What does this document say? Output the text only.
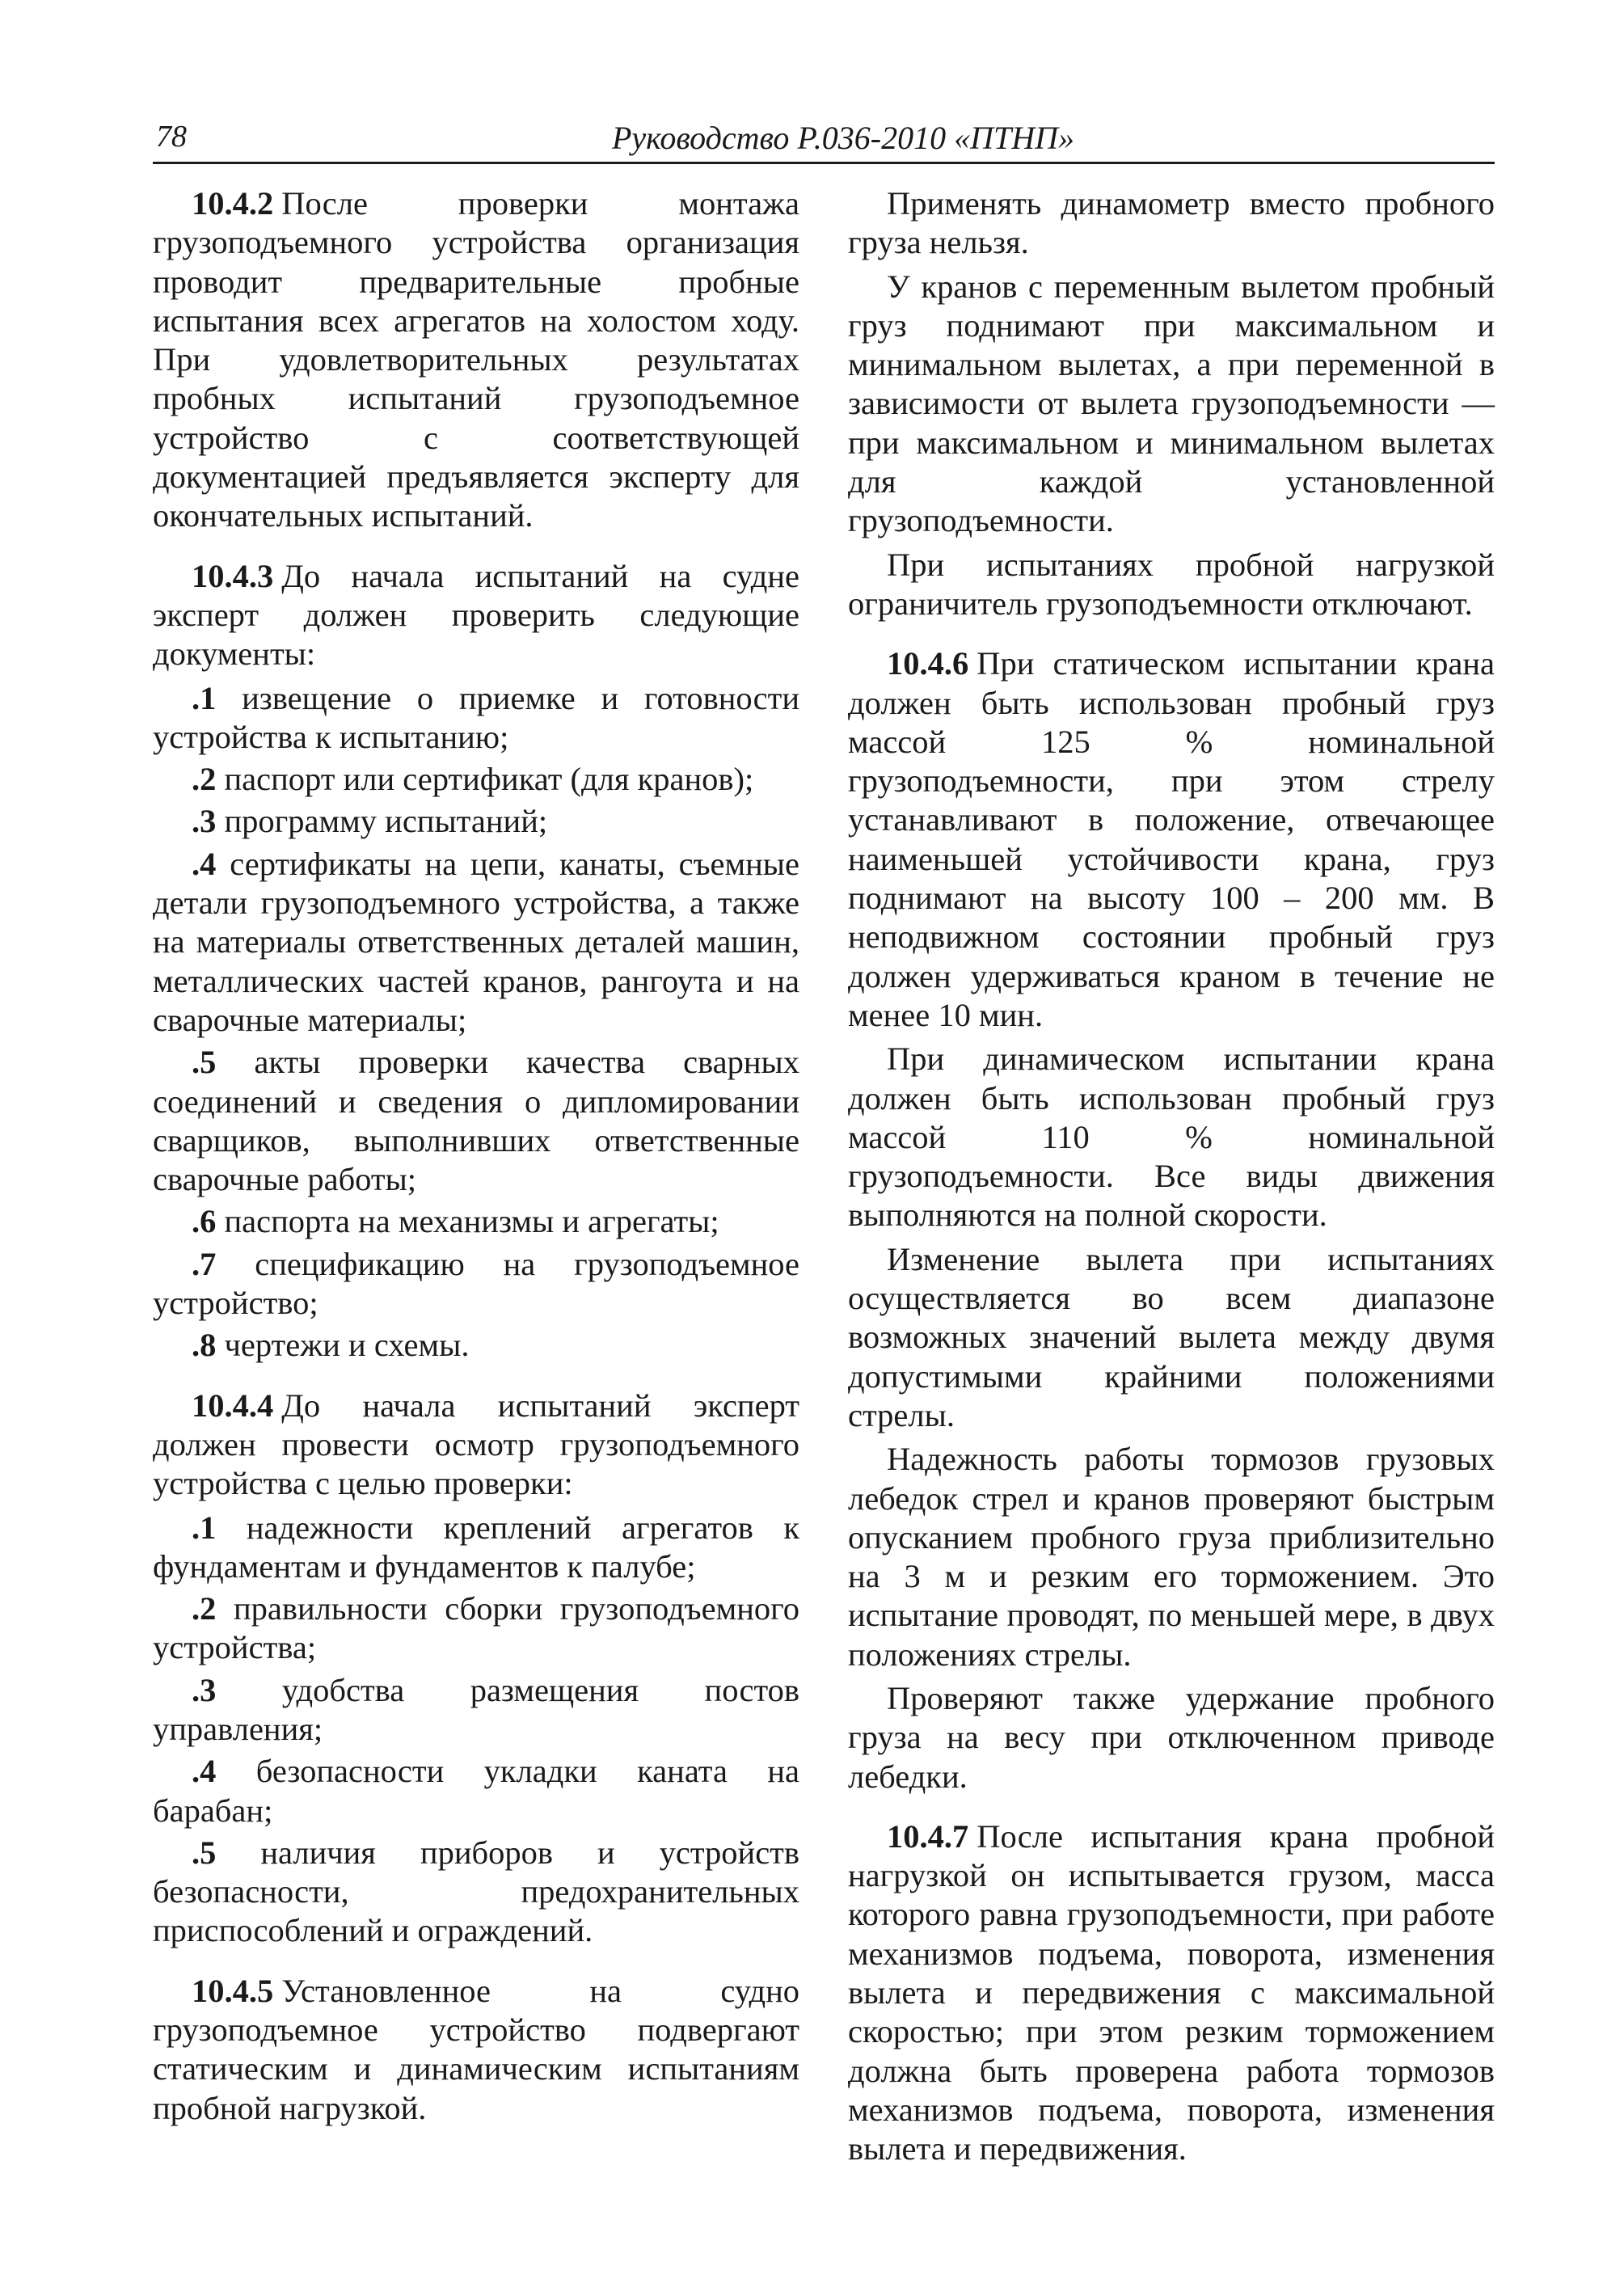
78	Руководство Р.036-2010 «ПТНП»

10.4.2 После проверки монтажа грузоподъемного устройства организация проводит предварительные пробные испытания всех агрегатов на холостом ходу. При удовлетворительных результатах пробных испытаний грузоподъемное устройство с соответствующей документацией предъявляется эксперту для окончательных испытаний.

10.4.3 До начала испытаний на судне эксперт должен проверить следующие документы:

.1 извещение о приемке и готовности устройства к испытанию;

.2 паспорт или сертификат (для кранов);

.3 программу испытаний;

.4 сертификаты на цепи, канаты, съемные детали грузоподъемного устройства, а также на материалы ответственных деталей машин, металлических частей кранов, рангоута и на сварочные материалы;

.5 акты проверки качества сварных соединений и сведения о дипломировании сварщиков, выполнивших ответственные сварочные работы;

.6 паспорта на механизмы и агрегаты;

.7 спецификацию на грузоподъемное устройство;

.8 чертежи и схемы.

10.4.4 До начала испытаний эксперт должен провести осмотр грузоподъемного устройства с целью проверки:

.1 надежности креплений агрегатов к фундаментам и фундаментов к палубе;

.2 правильности сборки грузоподъемного устройства;

.3 удобства размещения постов управления;

.4 безопасности укладки каната на барабан;

.5 наличия приборов и устройств безопасности, предохранительных приспособлений и ограждений.

10.4.5 Установленное на судно грузоподъемное устройство подвергают статическим и динамическим испытаниям пробной нагрузкой.

Применять динамометр вместо пробного груза нельзя.

У кранов с переменным вылетом пробный груз поднимают при максимальном и минимальном вылетах, а при переменной в зависимости от вылета грузоподъемности — при максимальном и минимальном вылетах для каждой установленной грузоподъемности.

При испытаниях пробной нагрузкой ограничитель грузоподъемности отключают.

10.4.6 При статическом испытании крана должен быть использован пробный груз массой 125 % номинальной грузоподъемности, при этом стрелу устанавливают в положение, отвечающее наименьшей устойчивости крана, груз поднимают на высоту 100 – 200 мм. В неподвижном состоянии пробный груз должен удерживаться краном в течение не менее 10 мин.

При динамическом испытании крана должен быть использован пробный груз массой 110 % номинальной грузоподъемности. Все виды движения выполняются на полной скорости.

Изменение вылета при испытаниях осуществляется во всем диапазоне возможных значений вылета между двумя допустимыми крайними положениями стрелы.

Надежность работы тормозов грузовых лебедок стрел и кранов проверяют быстрым опусканием пробного груза приблизительно на 3 м и резким его торможением. Это испытание проводят, по меньшей мере, в двух положениях стрелы.

Проверяют также удержание пробного груза на весу при отключенном приводе лебедки.

10.4.7 После испытания крана пробной нагрузкой он испытывается грузом, масса которого равна грузоподъемности, при работе механизмов подъема, поворота, изменения вылета и передвижения с максимальной скоростью; при этом резким торможением должна быть проверена работа тормозов механизмов подъема, поворота, изменения вылета и передвижения.
